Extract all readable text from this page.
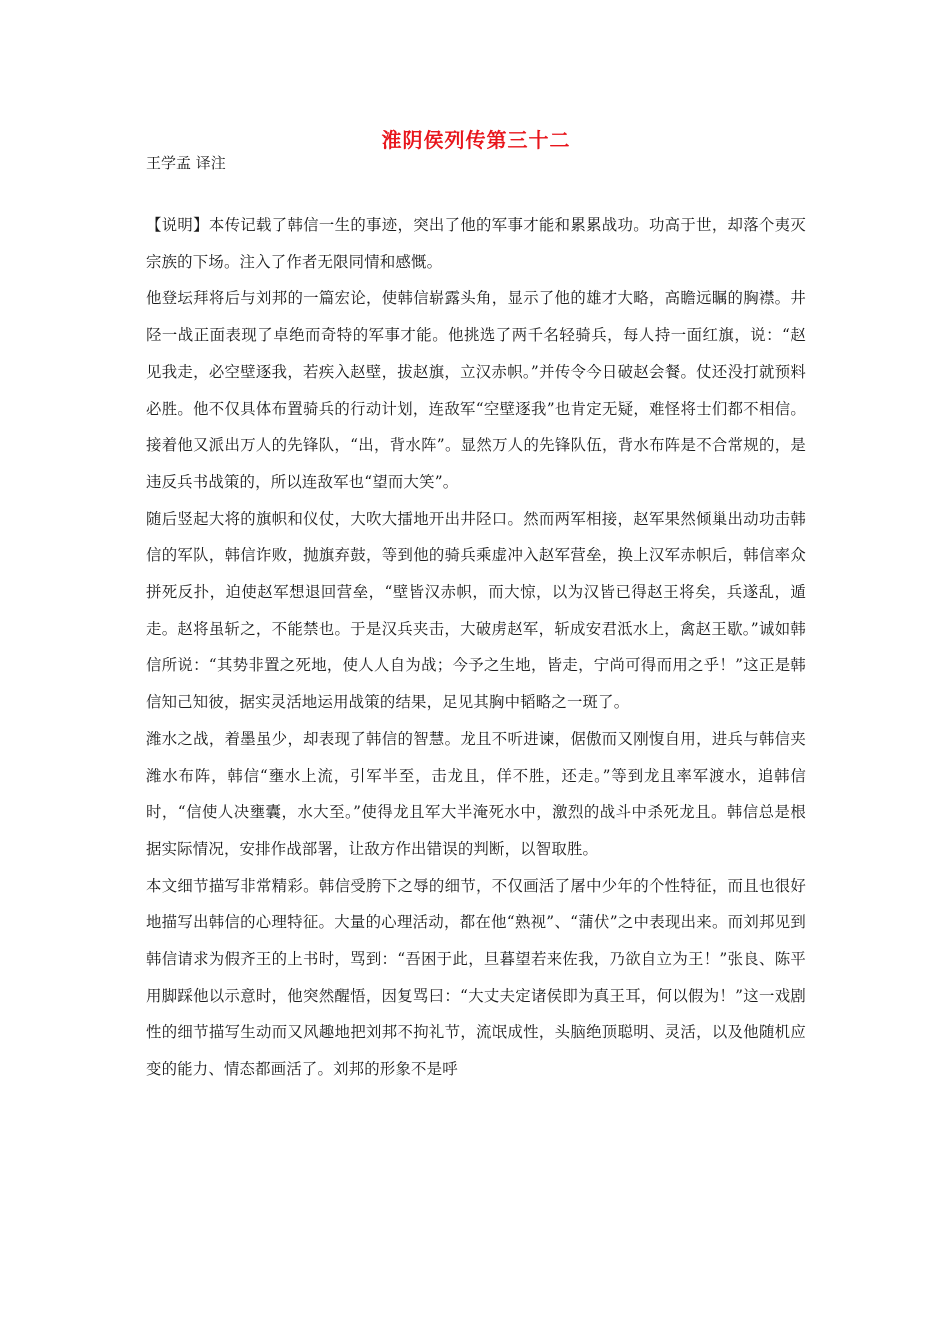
淮阴侯列传第三十二

王学孟 译注

【说明】本传记载了韩信一生的事迹，突出了他的军事才能和累累战功。功高于世，却落个夷灭宗族的下场。注入了作者无限同情和感慨。

他登坛拜将后与刘邦的一篇宏论，使韩信崭露头角，显示了他的雄才大略，高瞻远瞩的胸襟。井陉一战正面表现了卓绝而奇特的军事才能。他挑选了两千名轻骑兵，每人持一面红旗，说：“赵见我走，必空壁逐我，若疾入赵壁，拔赵旗，立汉赤帜。”并传令今日破赵会餐。仗还没打就预料必胜。他不仅具体布置骑兵的行动计划，连敌军“空壁逐我”也肯定无疑，难怪将士们都不相信。接着他又派出万人的先锋队，“出，背水阵”。显然万人的先锋队伍，背水布阵是不合常规的，是违反兵书战策的，所以连敌军也“望而大笑”。

随后竖起大将的旗帜和仪仗，大吹大擂地开出井陉口。然而两军相接，赵军果然倾巢出动功击韩信的军队，韩信诈败，抛旗弃鼓，等到他的骑兵乘虚冲入赵军营垒，换上汉军赤帜后，韩信率众拼死反扑，迫使赵军想退回营垒，“壁皆汉赤帜，而大惊，以为汉皆已得赵王将矣，兵遂乱，遁走。赵将虽斩之，不能禁也。于是汉兵夹击，大破虏赵军，斩成安君泜水上，禽赵王歇。”诚如韩信所说：“其势非置之死地，使人人自为战；今予之生地，皆走，宁尚可得而用之乎！”这正是韩信知己知彼，据实灵活地运用战策的结果，足见其胸中韬略之一斑了。

潍水之战，着墨虽少，却表现了韩信的智慧。龙且不听进谏，倨傲而又刚愎自用，进兵与韩信夹潍水布阵，韩信“壅水上流，引军半至，击龙且，佯不胜，还走。”等到龙且率军渡水，追韩信时，“信使人决壅囊，水大至。”使得龙且军大半淹死水中，激烈的战斗中杀死龙且。韩信总是根据实际情况，安排作战部署，让敌方作出错误的判断，以智取胜。

本文细节描写非常精彩。韩信受胯下之辱的细节，不仅画活了屠中少年的个性特征，而且也很好地描写出韩信的心理特征。大量的心理活动，都在他“熟视”、“蒲伏”之中表现出来。而刘邦见到韩信请求为假齐王的上书时，骂到：“吾困于此，旦暮望若来佐我，乃欲自立为王！”张良、陈平用脚踩他以示意时，他突然醒悟，因复骂曰：“大丈夫定诸侯即为真王耳，何以假为！”这一戏剧性的细节描写生动而又风趣地把刘邦不拘礼节，流氓成性，头脑绝顶聪明、灵活，以及他随机应变的能力、情态都画活了。刘邦的形象不是呼
